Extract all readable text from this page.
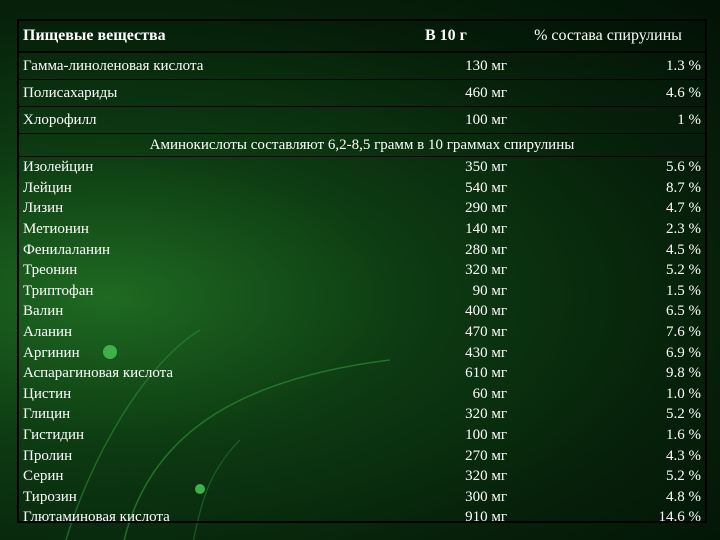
Пищевые вещества	В 10 г	% состава спирулины
Гамма-линоленовая кислота	130 мг	1.3 %
Полисахариды	460 мг	4.6 %
Хлорофилл	100 мг	1 %
Аминокислоты составляют 6,2-8,5 грамм в 10 граммах спирулины		
Изолейцин	350 мг	5.6 %
Лейцин	540 мг	8.7 %
Лизин	290 мг	4.7 %
Метионин	140 мг	2.3 %
Фенилаланин	280 мг	4.5 %
Треонин	320 мг	5.2 %
Триптофан	90 мг	1.5 %
Валин	400 мг	6.5 %
Аланин	470 мг	7.6 %
Аргинин	430 мг	6.9 %
Аспарагиновая кислота	610 мг	9.8 %
Цистин	60 мг	1.0 %
Глицин	320 мг	5.2 %
Гистидин	100 мг	1.6 %
Пролин	270 мг	4.3 %
Серин	320 мг	5.2 %
Тирозин	300 мг	4.8 %
Глютаминовая кислота	910 мг	14.6 %
